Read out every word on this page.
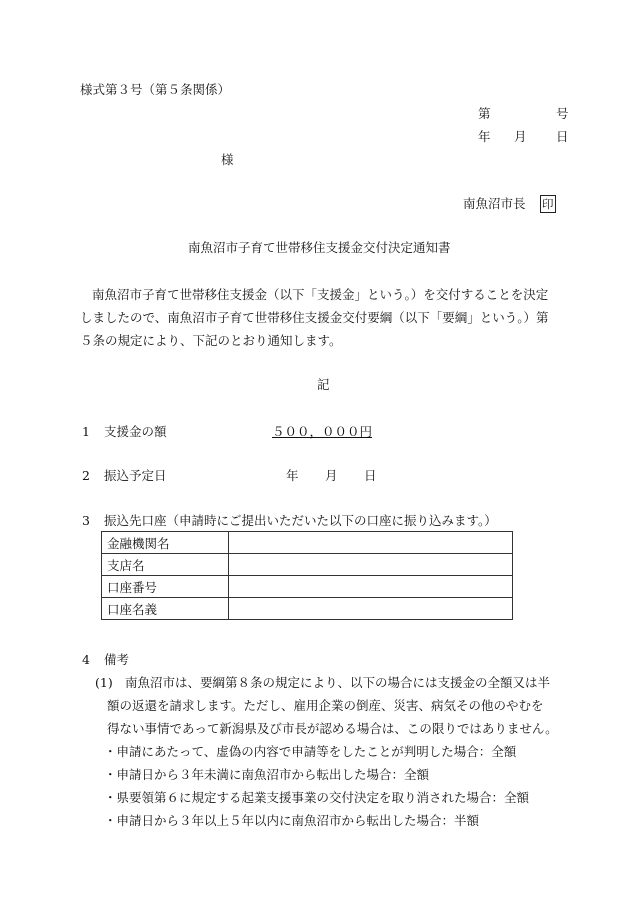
様式第３号（第５条関係）
第	号
年 月 日
様
南魚沼市長 印
南魚沼市子育て世帯移住支援金交付決定通知書
南魚沼市子育て世帯移住支援金（以下「支援金」という。）を交付することを決定
しましたので、南魚沼市子育て世帯移住支援金交付要綱（以下「要綱」という。）第
５条の規定により、下記のとおり通知します。
記
1 支援金の額	５００，０００円
2 振込予定日	年 月 日
3 振込先口座（申請時にご提出いただいた以下の口座に振り込みます。）
金融機関名	
支店名	
口座番号	
口座名義	
4 備考
(1) 南魚沼市は、要綱第８条の規定により、以下の場合には支援金の全額又は半
額の返還を請求します。ただし、雇用企業の倒産、災害、病気その他のやむを
得ない事情であって新潟県及び市長が認める場合は、この限りではありません。
・申請にあたって、虚偽の内容で申請等をしたことが判明した場合：全額
・申請日から３年未満に南魚沼市から転出した場合：全額
・県要領第６に規定する起業支援事業の交付決定を取り消された場合：全額
・申請日から３年以上５年以内に南魚沼市から転出した場合：半額
